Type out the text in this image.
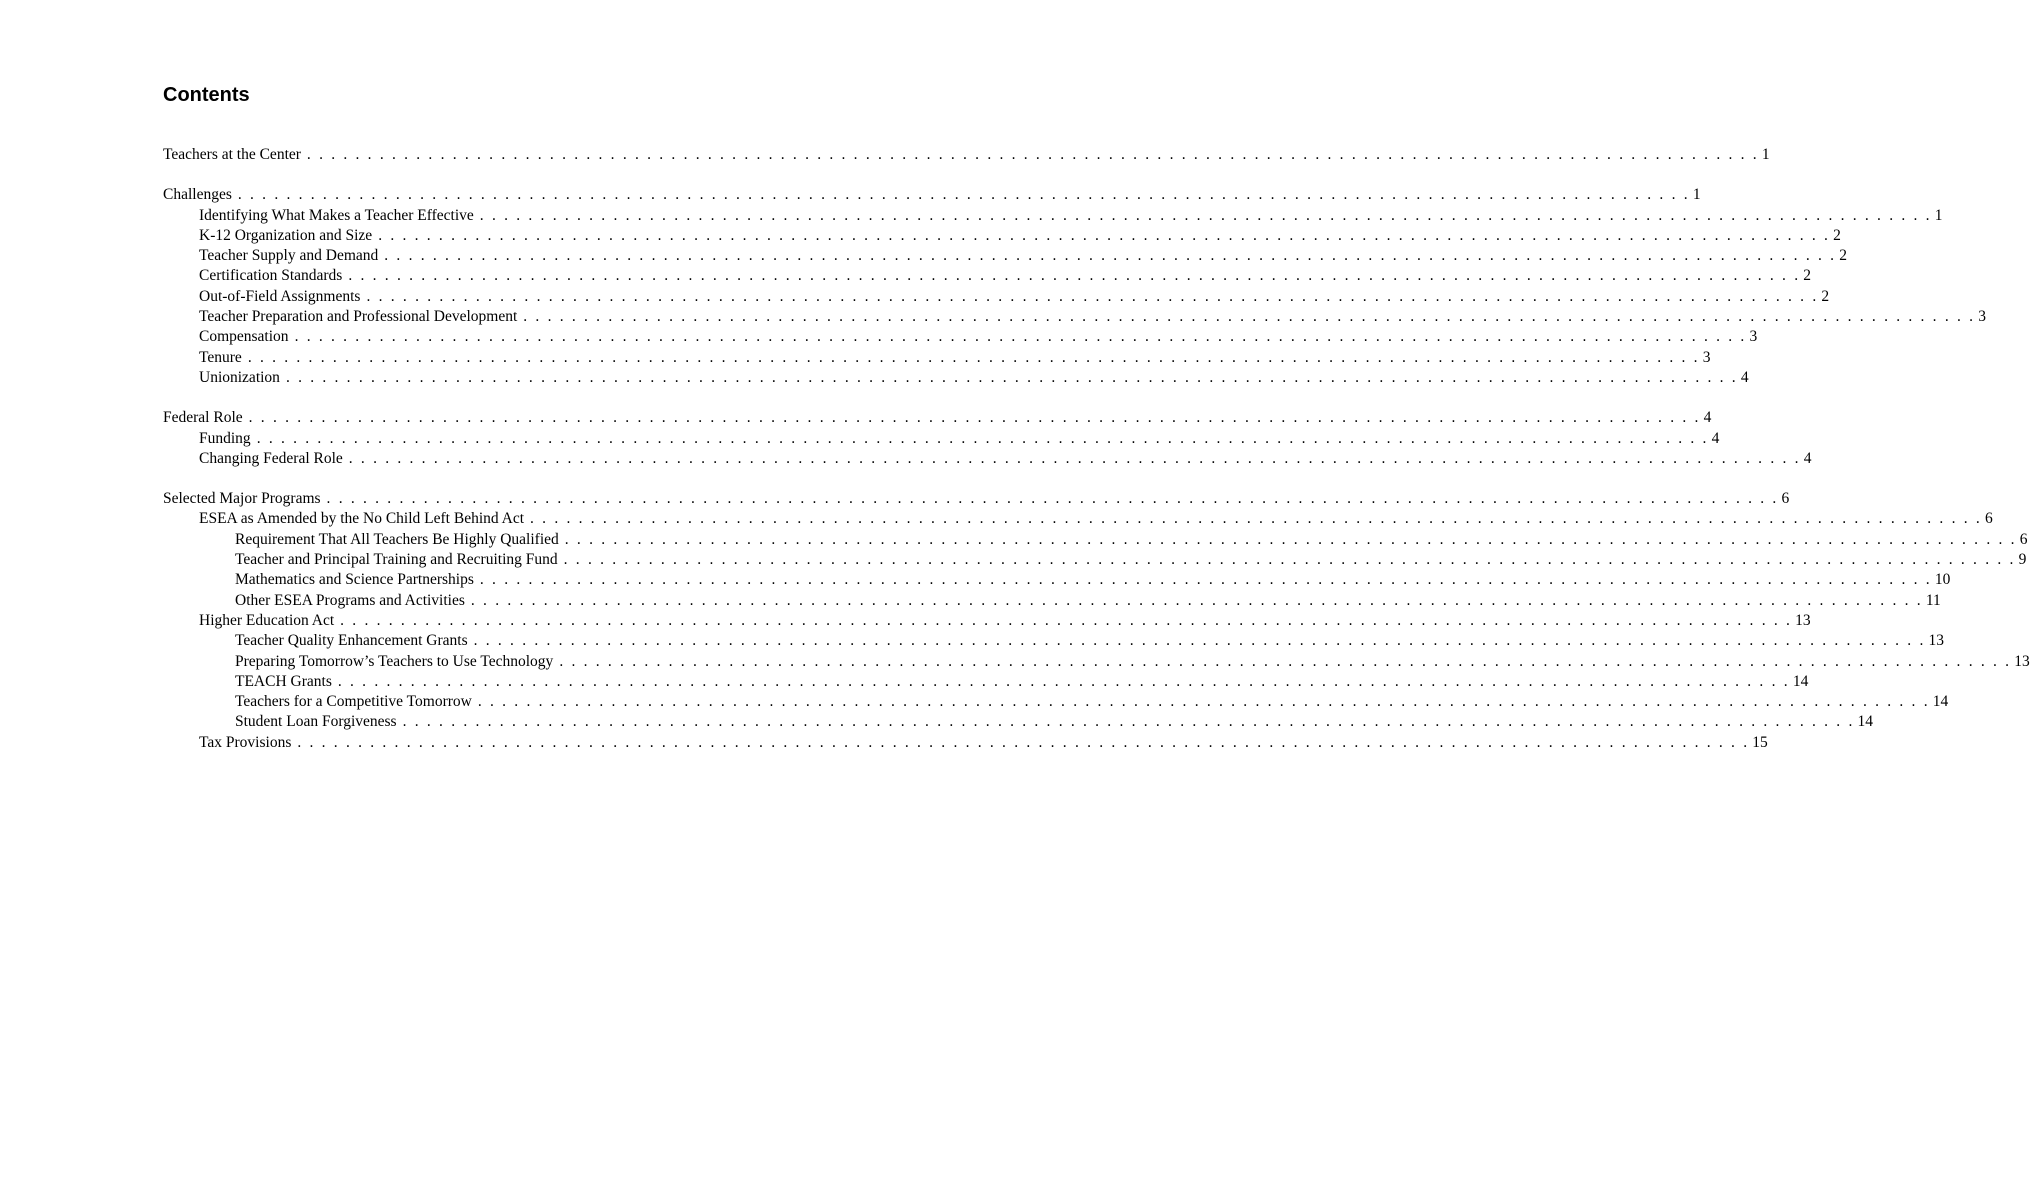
Contents
Teachers at the Center . . . . . . . . . . . . . . . . . . . . . . . . . . . . . . . . . . . . . . . . . . . . . . . . . . . . . . . . . . . . . . . . . . . . . . . . . . . . . . . . . . . . . . . . . . . . . . . . . . . . . . . . . . . . . . . . . . . . . . . . 1
Challenges . . . . . . . . . . . . . . . . . . . . . . . . . . . . . . . . . . . . . . . . . . . . . . . . . . . . . . . . . . . . . . . . . . . . . . . . . . . . . . . . . . . . . . . . . . . . . . . . . . . . . . . . . . . . . . . . . . . . . . . . 1
Identifying What Makes a Teacher Effective . . . . . . . . . . . . . . . . . . . . . . . . . . . . . . . . . . . . . . . . . . . . . . . . . . . . . . . . . . . . . . . . . . . . . . . . . . . . . . . . . . . . . . . . . . . . . . . . . . . . . . . . . . . . . . . . . . . . . . . . 1
K-12 Organization and Size . . . . . . . . . . . . . . . . . . . . . . . . . . . . . . . . . . . . . . . . . . . . . . . . . . . . . . . . . . . . . . . . . . . . . . . . . . . . . . . . . . . . . . . . . . . . . . . . . . . . . . . . . . . . . . . . . . . . . . . . 2
Teacher Supply and Demand . . . . . . . . . . . . . . . . . . . . . . . . . . . . . . . . . . . . . . . . . . . . . . . . . . . . . . . . . . . . . . . . . . . . . . . . . . . . . . . . . . . . . . . . . . . . . . . . . . . . . . . . . . . . . . . . . . . . . . . . 2
Certification Standards . . . . . . . . . . . . . . . . . . . . . . . . . . . . . . . . . . . . . . . . . . . . . . . . . . . . . . . . . . . . . . . . . . . . . . . . . . . . . . . . . . . . . . . . . . . . . . . . . . . . . . . . . . . . . . . . . . . . . . . . 2
Out-of-Field Assignments . . . . . . . . . . . . . . . . . . . . . . . . . . . . . . . . . . . . . . . . . . . . . . . . . . . . . . . . . . . . . . . . . . . . . . . . . . . . . . . . . . . . . . . . . . . . . . . . . . . . . . . . . . . . . . . . . . . . . . . . 2
Teacher Preparation and Professional Development . . . . . . . . . . . . . . . . . . . . . . . . . . . . . . . . . . . . . . . . . . . . . . . . . . . . . . . . . . . . . . . . . . . . . . . . . . . . . . . . . . . . . . . . . . . . . . . . . . . . . . . . . . . . . . . . . . . . . . . . 3
Compensation . . . . . . . . . . . . . . . . . . . . . . . . . . . . . . . . . . . . . . . . . . . . . . . . . . . . . . . . . . . . . . . . . . . . . . . . . . . . . . . . . . . . . . . . . . . . . . . . . . . . . . . . . . . . . . . . . . . . . . . . 3
Tenure . . . . . . . . . . . . . . . . . . . . . . . . . . . . . . . . . . . . . . . . . . . . . . . . . . . . . . . . . . . . . . . . . . . . . . . . . . . . . . . . . . . . . . . . . . . . . . . . . . . . . . . . . . . . . . . . . . . . . . . . 3
Unionization . . . . . . . . . . . . . . . . . . . . . . . . . . . . . . . . . . . . . . . . . . . . . . . . . . . . . . . . . . . . . . . . . . . . . . . . . . . . . . . . . . . . . . . . . . . . . . . . . . . . . . . . . . . . . . . . . . . . . . . . 4
Federal Role . . . . . . . . . . . . . . . . . . . . . . . . . . . . . . . . . . . . . . . . . . . . . . . . . . . . . . . . . . . . . . . . . . . . . . . . . . . . . . . . . . . . . . . . . . . . . . . . . . . . . . . . . . . . . . . . . . . . . . . . 4
Funding . . . . . . . . . . . . . . . . . . . . . . . . . . . . . . . . . . . . . . . . . . . . . . . . . . . . . . . . . . . . . . . . . . . . . . . . . . . . . . . . . . . . . . . . . . . . . . . . . . . . . . . . . . . . . . . . . . . . . . . . 4
Changing Federal Role . . . . . . . . . . . . . . . . . . . . . . . . . . . . . . . . . . . . . . . . . . . . . . . . . . . . . . . . . . . . . . . . . . . . . . . . . . . . . . . . . . . . . . . . . . . . . . . . . . . . . . . . . . . . . . . . . . . . . . . . 4
Selected Major Programs . . . . . . . . . . . . . . . . . . . . . . . . . . . . . . . . . . . . . . . . . . . . . . . . . . . . . . . . . . . . . . . . . . . . . . . . . . . . . . . . . . . . . . . . . . . . . . . . . . . . . . . . . . . . . . . . . . . . . . . . 6
ESEA as Amended by the No Child Left Behind Act . . . . . . . . . . . . . . . . . . . . . . . . . . . . . . . . . . . . . . . . . . . . . . . . . . . . . . . . . . . . . . . . . . . . . . . . . . . . . . . . . . . . . . . . . . . . . . . . . . . . . . . . . . . . . . . . . . . . . . . . 6
Requirement That All Teachers Be Highly Qualified . . . . . . . . . . . . . . . . . . . . . . . . . . . . . . . . . . . . . . . . . . . . . . . . . . . . . . . . . . . . . . . . . . . . . . . . . . . . . . . . . . . . . . . . . . . . . . . . . . . . . . . . . . . . . . . . . . . . . . . . 6
Teacher and Principal Training and Recruiting Fund . . . . . . . . . . . . . . . . . . . . . . . . . . . . . . . . . . . . . . . . . . . . . . . . . . . . . . . . . . . . . . . . . . . . . . . . . . . . . . . . . . . . . . . . . . . . . . . . . . . . . . . . . . . . . . . . . . . . . . . . 9
Mathematics and Science Partnerships . . . . . . . . . . . . . . . . . . . . . . . . . . . . . . . . . . . . . . . . . . . . . . . . . . . . . . . . . . . . . . . . . . . . . . . . . . . . . . . . . . . . . . . . . . . . . . . . . . . . . . . . . . . . . . . . . . . . . . . . 10
Other ESEA Programs and Activities . . . . . . . . . . . . . . . . . . . . . . . . . . . . . . . . . . . . . . . . . . . . . . . . . . . . . . . . . . . . . . . . . . . . . . . . . . . . . . . . . . . . . . . . . . . . . . . . . . . . . . . . . . . . . . . . . . . . . . . . 11
Higher Education Act . . . . . . . . . . . . . . . . . . . . . . . . . . . . . . . . . . . . . . . . . . . . . . . . . . . . . . . . . . . . . . . . . . . . . . . . . . . . . . . . . . . . . . . . . . . . . . . . . . . . . . . . . . . . . . . . . . . . . . . . 13
Teacher Quality Enhancement Grants . . . . . . . . . . . . . . . . . . . . . . . . . . . . . . . . . . . . . . . . . . . . . . . . . . . . . . . . . . . . . . . . . . . . . . . . . . . . . . . . . . . . . . . . . . . . . . . . . . . . . . . . . . . . . . . . . . . . . . . . 13
Preparing Tomorrow’s Teachers to Use Technology . . . . . . . . . . . . . . . . . . . . . . . . . . . . . . . . . . . . . . . . . . . . . . . . . . . . . . . . . . . . . . . . . . . . . . . . . . . . . . . . . . . . . . . . . . . . . . . . . . . . . . . . . . . . . . . . . . . . . . . . 13
TEACH Grants . . . . . . . . . . . . . . . . . . . . . . . . . . . . . . . . . . . . . . . . . . . . . . . . . . . . . . . . . . . . . . . . . . . . . . . . . . . . . . . . . . . . . . . . . . . . . . . . . . . . . . . . . . . . . . . . . . . . . . . . 14
Teachers for a Competitive Tomorrow . . . . . . . . . . . . . . . . . . . . . . . . . . . . . . . . . . . . . . . . . . . . . . . . . . . . . . . . . . . . . . . . . . . . . . . . . . . . . . . . . . . . . . . . . . . . . . . . . . . . . . . . . . . . . . . . . . . . . . . . 14
Student Loan Forgiveness . . . . . . . . . . . . . . . . . . . . . . . . . . . . . . . . . . . . . . . . . . . . . . . . . . . . . . . . . . . . . . . . . . . . . . . . . . . . . . . . . . . . . . . . . . . . . . . . . . . . . . . . . . . . . . . . . . . . . . . . 14
Tax Provisions . . . . . . . . . . . . . . . . . . . . . . . . . . . . . . . . . . . . . . . . . . . . . . . . . . . . . . . . . . . . . . . . . . . . . . . . . . . . . . . . . . . . . . . . . . . . . . . . . . . . . . . . . . . . . . . . . . . . . . . . 15
